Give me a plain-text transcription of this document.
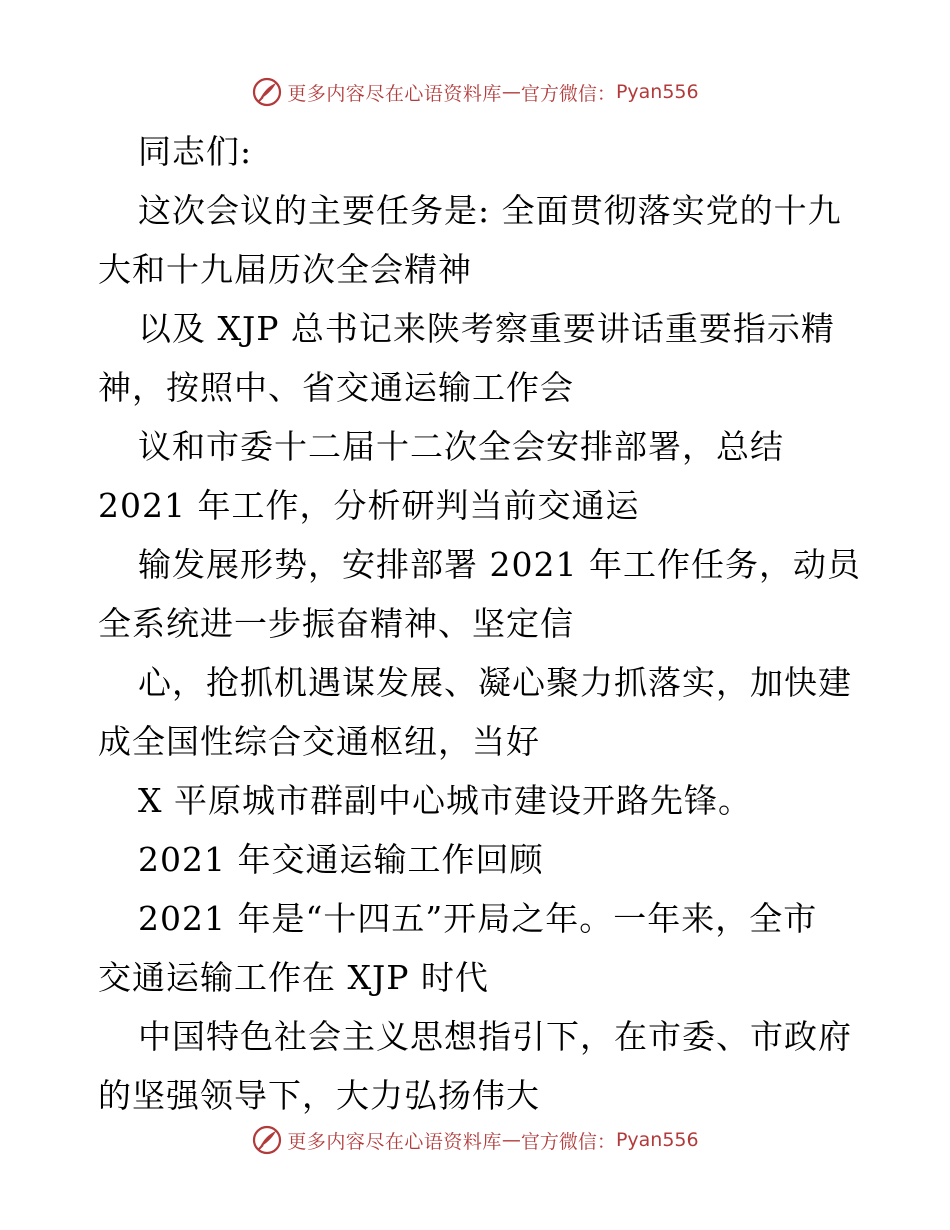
更多内容尽在心语资料库 — 官方微信： Pyan556
同志们:
这次会议的主要任务是: 全面贯彻落实党的十九
大和十九届历次全会精神
以及 XJP 总书记来陕考察重要讲话重要指示精
神，按照中、省交通运输工作会
议和市委十二届十二次全会安排部署，总结
2021 年工作，分析研判当前交通运
输发展形势，安排部署 2021 年工作任务，动员
全系统进一步振奋精神、坚定信
心，抢抓机遇谋发展、凝心聚力抓落实，加快建
成全国性综合交通枢纽，当好
X 平原城市群副中心城市建设开路先锋。
2021 年交通运输工作回顾
2021 年是“十四五”开局之年。一年来，全市
交通运输工作在 XJP 时代
中国特色社会主义思想指引下，在市委、市政府
的坚强领导下，大力弘扬伟大
更多内容尽在心语资料库 — 官方微信： Pyan556
